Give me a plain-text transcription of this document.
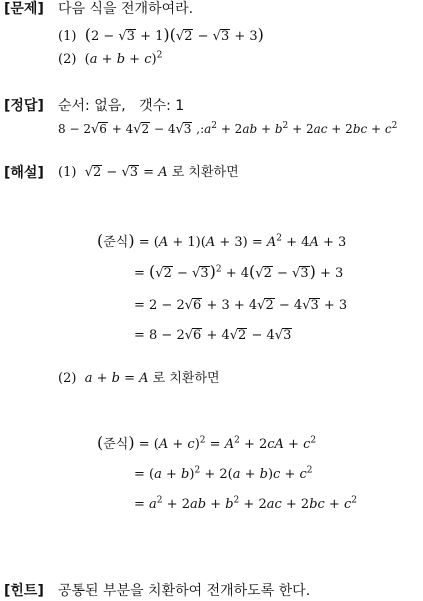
[문제] 다음 식을 전개하여라.
(1) (2 − √3 + 1)(√2 − √3 + 3)
(2)  $(a + b + c)^2$
[정답] 순서: 없음, 갯수: 1
8 − 2√6 + 4√2 − 4√3 $,:a^2 + 2ab + b^2 + 2ac + 2bc + c^2$
[해설] (1) √2 − √3 = A 로 치환하면
(준식) = $(A + 1)(A + 3) = A^2 + 4A + 3$
= $(√2 - √3)^2 + 4(√2 - √3) + 3$
= 2 − 2√6 + 3 + 4√2 − 4√3 + 3
= 8 − 2√6 + 4√2 − 4√3
(2) a + b = A 로 치환하면
(준식) = $(A + c)^2 = A^2 + 2cA + c^2$
= $(a + b)^2 + 2(a + b)c + c^2$
= $a^2 + 2ab + b^2 + 2ac + 2bc + c^2$
[힌트] 공통된 부분을 치환하여 전개하도록 한다.
